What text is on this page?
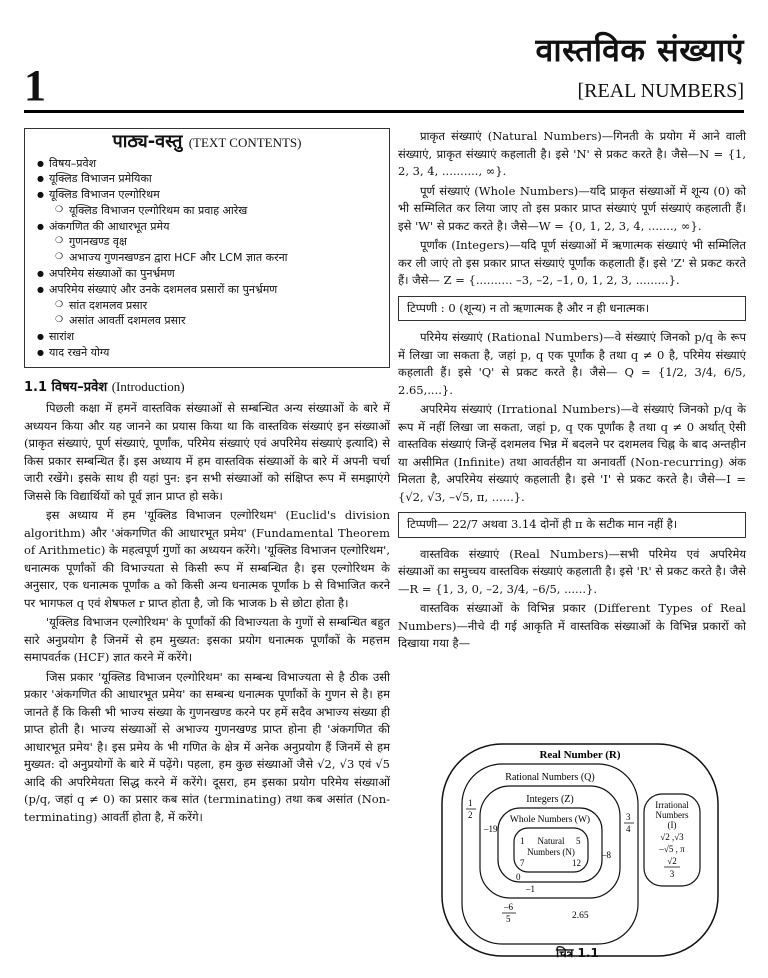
1
वास्तविक संख्याएं
[REAL NUMBERS]
पाठ्य-वस्तु (TEXT CONTENTS)
● विषय–प्रवेश
● यूक्लिड विभाजन प्रमेयिका
● यूक्लिड विभाजन एल्गोरिथम
❍ यूक्लिड विभाजन एल्गोरिथम का प्रवाह आरेख
● अंकगणित की आधारभूत प्रमेय
❍ गुणनखण्ड वृक्ष
❍ अभाज्य गुणनखण्डन द्वारा HCF और LCM ज्ञात करना
● अपरिमेय संख्याओं का पुनर्भ्रमण
● अपरिमेय संख्याएं और उनके दशमलव प्रसारों का पुनर्भ्रमण
❍ सांत दशमलव प्रसार
❍ असांत आवर्ती दशमलव प्रसार
● सारांश
● याद रखने योग्य
1.1 विषय–प्रवेश (Introduction)

पिछली कक्षा में हमनें वास्तविक संख्याओं से सम्बन्धित अन्य संख्याओं के बारे में अध्ययन किया और यह जानने का प्रयास किया था कि वास्तविक संख्याएं इन संख्याओं (प्राकृत संख्याएं, पूर्ण संख्याएं, पूर्णांक, परिमेय संख्याएं एवं अपरिमेय संख्याएं इत्यादि) से किस प्रकार सम्बन्धित हैं। इस अध्याय में हम वास्तविक संख्याओं के बारे में अपनी चर्चा जारी रखेंगे। इसके साथ ही यहां पुन: इन सभी संख्याओं को संक्षिप्त रूप में समझाएंगे जिससे कि विद्यार्थियों को पूर्व ज्ञान प्राप्त हो सके।

इस अध्याय में हम 'यूक्लिड विभाजन एल्गोरिथम' (Euclid's division algorithm) और 'अंकगणित की आधारभूत प्रमेय' (Fundamental Theorem of Arithmetic) के महत्वपूर्ण गुणों का अध्ययन करेंगे। 'यूक्लिड विभाजन एल्गोरिथम', धनात्मक पूर्णांकों की विभाज्यता से किसी रूप में सम्बन्धित है। इस एल्गोरिथम के अनुसार, एक धनात्मक पूर्णांक a को किसी अन्य धनात्मक पूर्णांक b से विभाजित करने पर भागफल q एवं शेषफल r प्राप्त होता है, जो कि भाजक b से छोटा होता है।

'यूक्लिड विभाजन एल्गोरिथम' के पूर्णांकों की विभाज्यता के गुणों से सम्बन्धित बहुत सारे अनुप्रयोग है जिनमें से हम मुख्यत: इसका प्रयोग धनात्मक पूर्णांकों के महत्तम समापवर्तक (HCF) ज्ञात करने में करेंगे।

जिस प्रकार 'यूक्लिड विभाजन एल्गोरिथम' का सम्बन्ध विभाज्यता से है ठीक उसी प्रकार 'अंकगणित की आधारभूत प्रमेय' का सम्बन्ध धनात्मक पूर्णांकों के गुणन से है। हम जानते हैं कि किसी भी भाज्य संख्या के गुणनखण्ड करने पर हमें सदैव अभाज्य संख्या ही प्राप्त होती है। भाज्य संख्याओं से अभाज्य गुणनखण्ड प्राप्त होना ही 'अंकगणित की आधारभूत प्रमेय' है। इस प्रमेय के भी गणित के क्षेत्र में अनेक अनुप्रयोग हैं जिनमें से हम मुख्यत: दो अनुप्रयोगों के बारे में पढ़ेंगे। पहला, हम कुछ संख्याओं जैसे √2, √3 एवं √5 आदि की अपरिमेयता सिद्ध करने में करेंगे। दूसरा, हम इसका प्रयोग परिमेय संख्याओं (p/q, जहां q ≠ 0) का प्रसार कब सांत (terminating) तथा कब असांत (Non-terminating) आवर्ती होता है, में करेंगे।

प्राकृत संख्याएं (Natural Numbers)—गिनती के प्रयोग में आने वाली संख्याएं, प्राकृत संख्याएं कहलाती है। इसे 'N' से प्रकट करते है। जैसे—N = {1, 2, 3, 4, .........., ∞}.

पूर्ण संख्याएं (Whole Numbers)—यदि प्राकृत संख्याओं में शून्य (0) को भी सम्मिलित कर लिया जाए तो इस प्रकार प्राप्त संख्याएं पूर्ण संख्याएं कहलाती हैं। इसे 'W' से प्रकट करते है। जैसे—W = {0, 1, 2, 3, 4, ......., ∞}.

पूर्णांक (Integers)—यदि पूर्ण संख्याओं में ऋणात्मक संख्याएं भी सम्मिलित कर ली जाएं तो इस प्रकार प्राप्त संख्याएं पूर्णांक कहलाती हैं। इसे 'Z' से प्रकट करते हैं। जैसे— Z = {.......... –3, –2, –1, 0, 1, 2, 3, .........}.

टिप्पणी : 0 (शून्य) न तो ऋणात्मक है और न ही धनात्मक।

परिमेय संख्याएं (Rational Numbers)—वे संख्याएं जिनको p/q के रूप में लिखा जा सकता है, जहां p, q एक पूर्णांक है तथा q ≠ 0 है, परिमेय संख्याएं कहलाती हैं। इसे 'Q' से प्रकट करते है। जैसे— Q = {1/2, 3/4, 6/5, 2.65,....}.

अपरिमेय संख्याएं (Irrational Numbers)—वे संख्याएं जिनको p/q के रूप में नहीं लिखा जा सकता, जहां p, q एक पूर्णांक है तथा q ≠ 0 अर्थात् ऐसी वास्तविक संख्याएं जिन्हें दशमलव भिन्न में बदलने पर दशमलव चिह्न के बाद अन्तहीन या असीमित (Infinite) तथा आवर्तहीन या अनावर्ती (Non-recurring) अंक मिलता है, अपरिमेय संख्याएं कहलाती है। इसे 'I' से प्रकट करते है। जैसे—I = {√2, √3, –√5, π, ......}.

टिप्पणी— 22/7 अथवा 3.14 दोनों ही π के सटीक मान नहीं है।

वास्तविक संख्याएं (Real Numbers)—सभी परिमेय एवं अपरिमेय संख्याओं का समुच्चय वास्तविक संख्याएं कहलाती है। इसे 'R' से प्रकट करते है। जैसे—R = {1, 3, 0, –2, 3/4, –6/5, ......}.

वास्तविक संख्याओं के विभिन्न प्रकार (Different Types of Real Numbers)—नीचे दी गई आकृति में वास्तविक संख्याओं के विभिन्न प्रकारों को दिखाया गया है—

Real Number (R)
Rational Numbers (Q)
Integers (Z)
Whole Numbers (W)
Natural
Numbers (N)
1	5
7	12
0
–1
–19
–8
1
2	3
4
–6
5	2.65
Irrational
Numbers
(I)
√2 ,√3
–√5 , π
√2
3
चित्र 1.1
